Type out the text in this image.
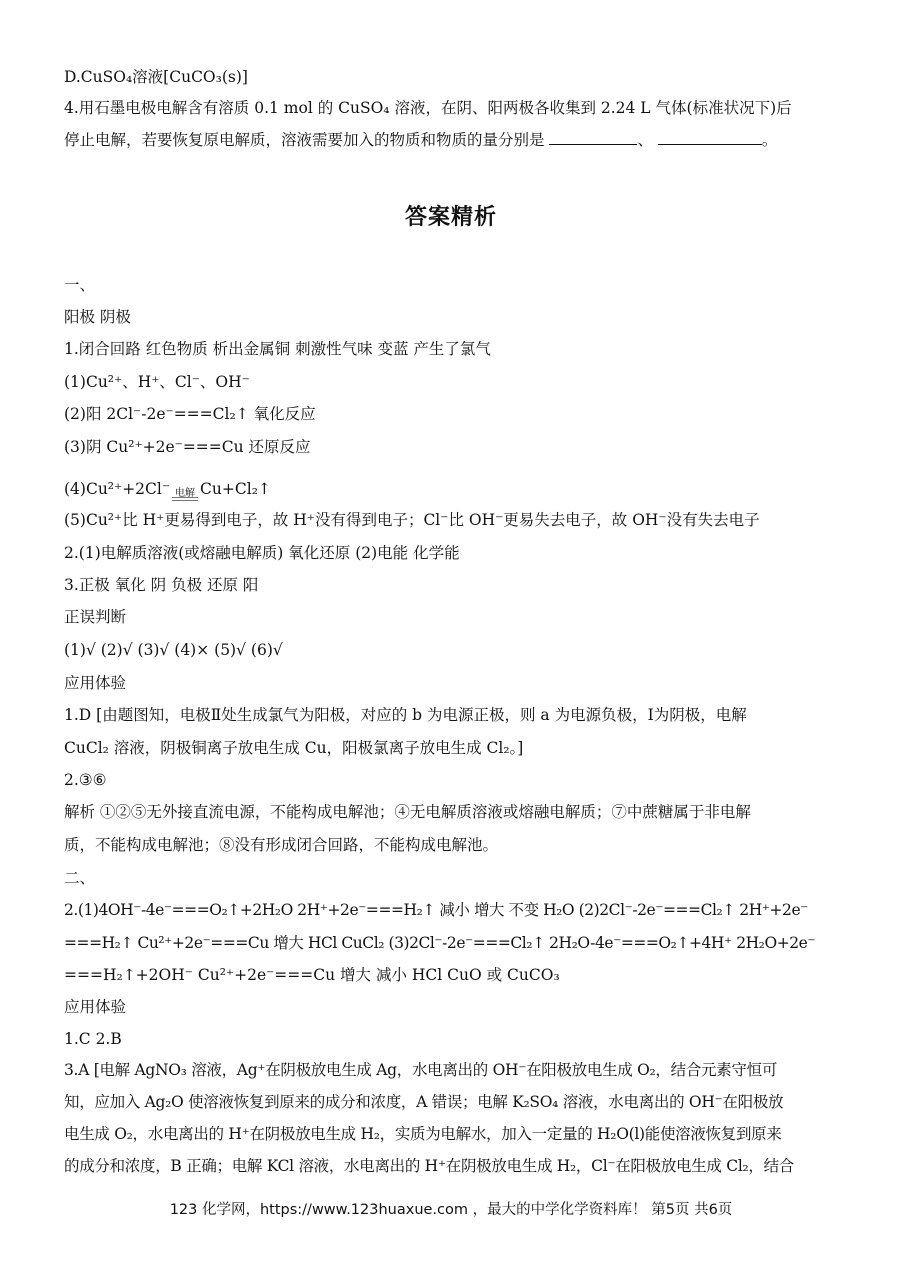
D.CuSO₄溶液[CuCO₃(s)]
4.用石墨电极电解含有溶质 0.1 mol 的 CuSO₄ 溶液，在阴、阳两极各收集到 2.24 L 气体(标准状况下)后
停止电解，若要恢复原电解质，溶液需要加入的物质和物质的量分别是	、	。
答案精析
一、
阳极 阴极
1.闭合回路 红色物质 析出金属铜 刺激性气味 变蓝 产生了氯气
(1)Cu²⁺、H⁺、Cl⁻、OH⁻
(2)阳 2Cl⁻-2e⁻===Cl₂↑ 氧化反应
(3)阴 Cu²⁺+2e⁻===Cu 还原反应
(4)Cu²⁺+2Cl⁻ 电解 Cu+Cl₂↑
(5)Cu²⁺比 H⁺更易得到电子，故 H⁺没有得到电子；Cl⁻比 OH⁻更易失去电子，故 OH⁻没有失去电子
2.(1)电解质溶液(或熔融电解质) 氧化还原 (2)电能 化学能
3.正极 氧化 阴 负极 还原 阳
正误判断
(1)√ (2)√ (3)√ (4)× (5)√ (6)√
应用体验
1.D [由题图知，电极Ⅱ处生成氯气为阳极，对应的 b 为电源正极，则 a 为电源负极，Ⅰ为阴极，电解
CuCl₂ 溶液，阴极铜离子放电生成 Cu，阳极氯离子放电生成 Cl₂。]
2.③⑥
解析 ①②⑤无外接直流电源，不能构成电解池；④无电解质溶液或熔融电解质；⑦中蔗糖属于非电解
质，不能构成电解池；⑧没有形成闭合回路，不能构成电解池。
二、
2.(1)4OH⁻-4e⁻===O₂↑+2H₂O 2H⁺+2e⁻===H₂↑ 减小 增大 不变 H₂O (2)2Cl⁻-2e⁻===Cl₂↑ 2H⁺+2e⁻
===H₂↑ Cu²⁺+2e⁻===Cu 增大 HCl CuCl₂ (3)2Cl⁻-2e⁻===Cl₂↑ 2H₂O-4e⁻===O₂↑+4H⁺ 2H₂O+2e⁻
===H₂↑+2OH⁻ Cu²⁺+2e⁻===Cu 增大 减小 HCl CuO 或 CuCO₃
应用体验
1.C 2.B
3.A [电解 AgNO₃ 溶液，Ag⁺在阴极放电生成 Ag，水电离出的 OH⁻在阳极放电生成 O₂，结合元素守恒可
知，应加入 Ag₂O 使溶液恢复到原来的成分和浓度，A 错误；电解 K₂SO₄ 溶液，水电离出的 OH⁻在阳极放
电生成 O₂，水电离出的 H⁺在阴极放电生成 H₂，实质为电解水，加入一定量的 H₂O(l)能使溶液恢复到原来
的成分和浓度，B 正确；电解 KCl 溶液，水电离出的 H⁺在阴极放电生成 H₂，Cl⁻在阳极放电生成 Cl₂，结合
123 化学网，https://www.123huaxue.com ，最大的中学化学资料库！ 第5页 共6页
